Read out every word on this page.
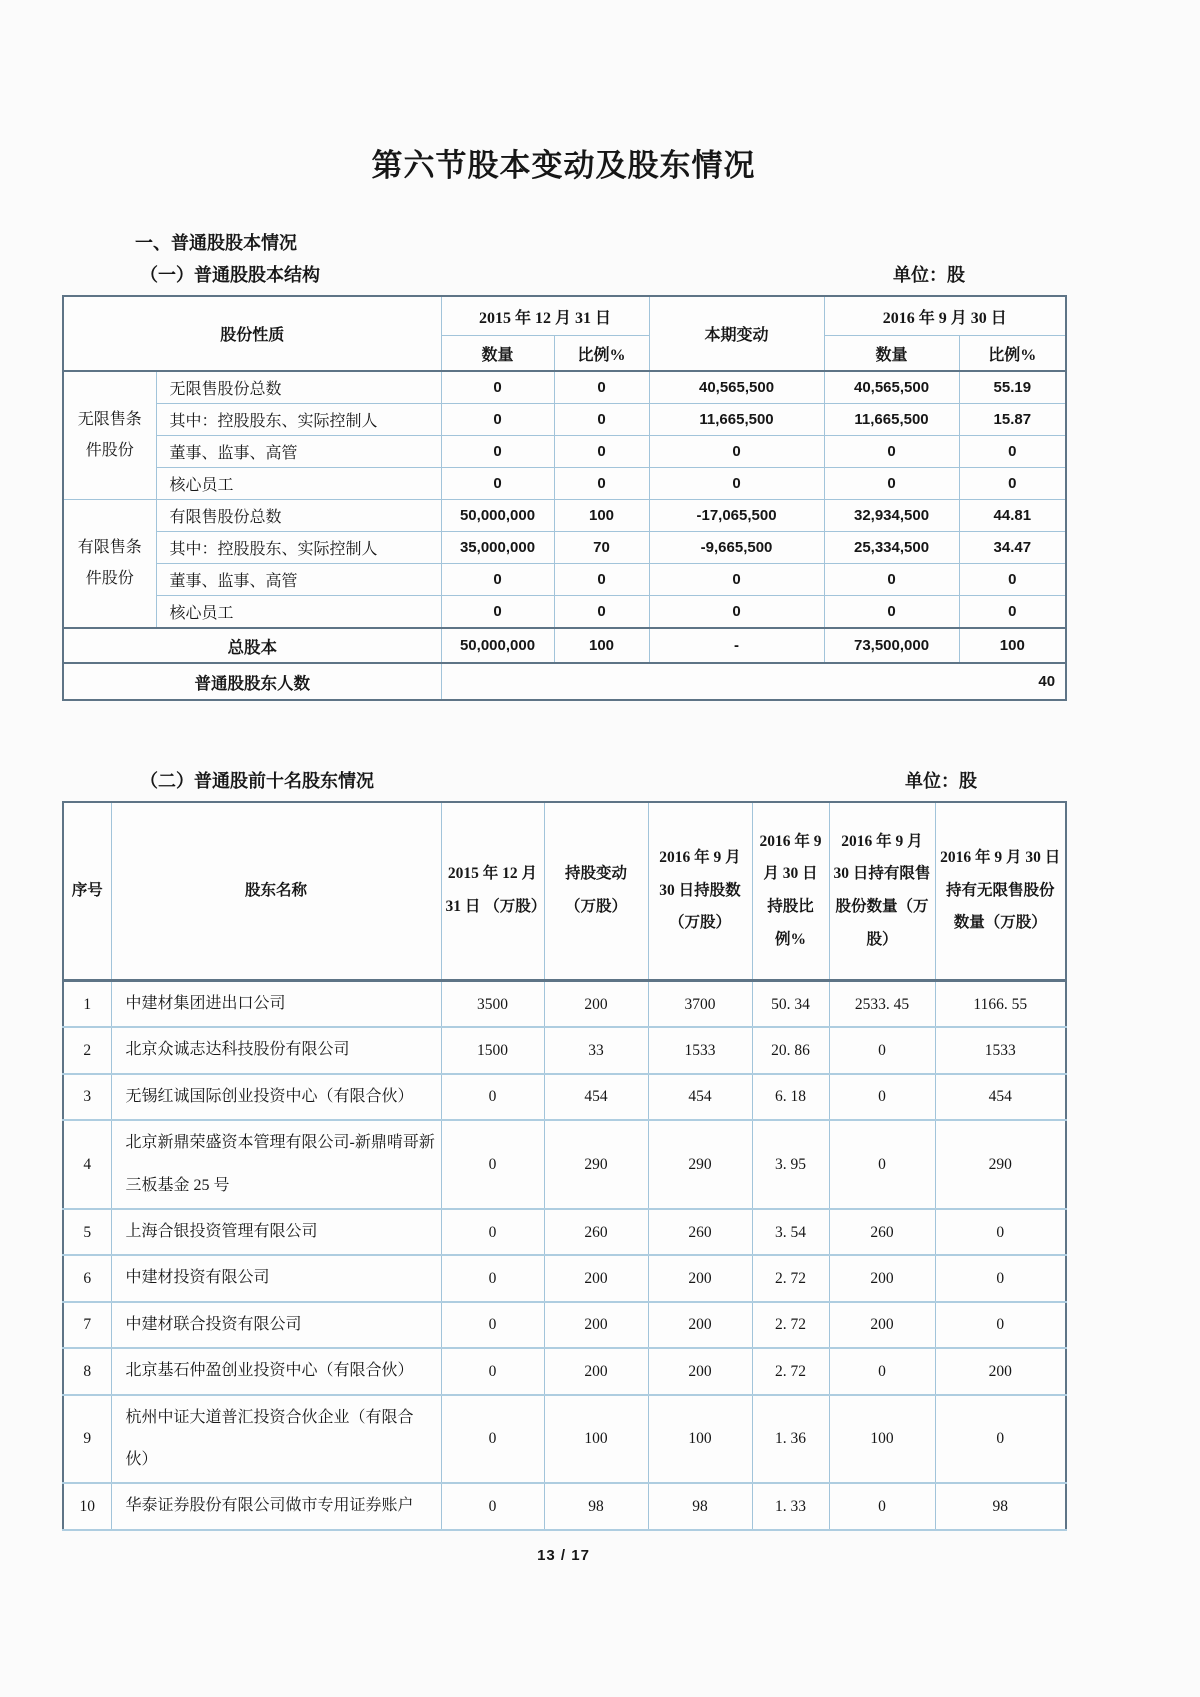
第六节股本变动及股东情况
一、普通股股本情况
（一）普通股股本结构	单位：股
股份性质		2015 年 12 月 31 日		本期变动	2016 年 9 月 30 日	
		数量	比例%		数量	比例%
无限售条件股份	无限售股份总数	0	0	40,565,500	40,565,500	55.19
	其中：控股股东、实际控制人	0	0	11,665,500	11,665,500	15.87
	董事、监事、高管	0	0	0	0	0
	核心员工	0	0	0	0	0
有限售条件股份	有限售股份总数	50,000,000	100	-17,065,500	32,934,500	44.81
	其中：控股股东、实际控制人	35,000,000	70	-9,665,500	25,334,500	34.47
	董事、监事、高管	0	0	0	0	0
	核心员工	0	0	0	0	0
总股本		50,000,000	100	-	73,500,000	100
普通股股东人数		40				
（二）普通股前十名股东情况	单位：股
序号	股东名称	2015 年 12 月 31 日 （万股）	持股变动 （万股）	2016 年 9 月 30 日持股数（万股）	2016 年 9 月 30 日持股比例%	2016 年 9 月 30 日持有限售股份数量（万股）	2016 年 9 月 30 日持有无限售股份数量（万股）
1	中建材集团进出口公司	3500	200	3700	50. 34	2533. 45	1166. 55
2	北京众诚志达科技股份有限公司	1500	33	1533	20. 86	0	1533
3	无锡红诚国际创业投资中心（有限合伙）	0	454	454	6. 18	0	454
4	北京新鼎荣盛资本管理有限公司-新鼎啃哥新三板基金 25 号	0	290	290	3. 95	0	290
5	上海合银投资管理有限公司	0	260	260	3. 54	260	0
6	中建材投资有限公司	0	200	200	2. 72	200	0
7	中建材联合投资有限公司	0	200	200	2. 72	200	0
8	北京基石仲盈创业投资中心（有限合伙）	0	200	200	2. 72	0	200
9	杭州中证大道普汇投资合伙企业（有限合伙）	0	100	100	1. 36	100	0
10	华泰证券股份有限公司做市专用证券账户	0	98	98	1. 33	0	98
13 / 17
